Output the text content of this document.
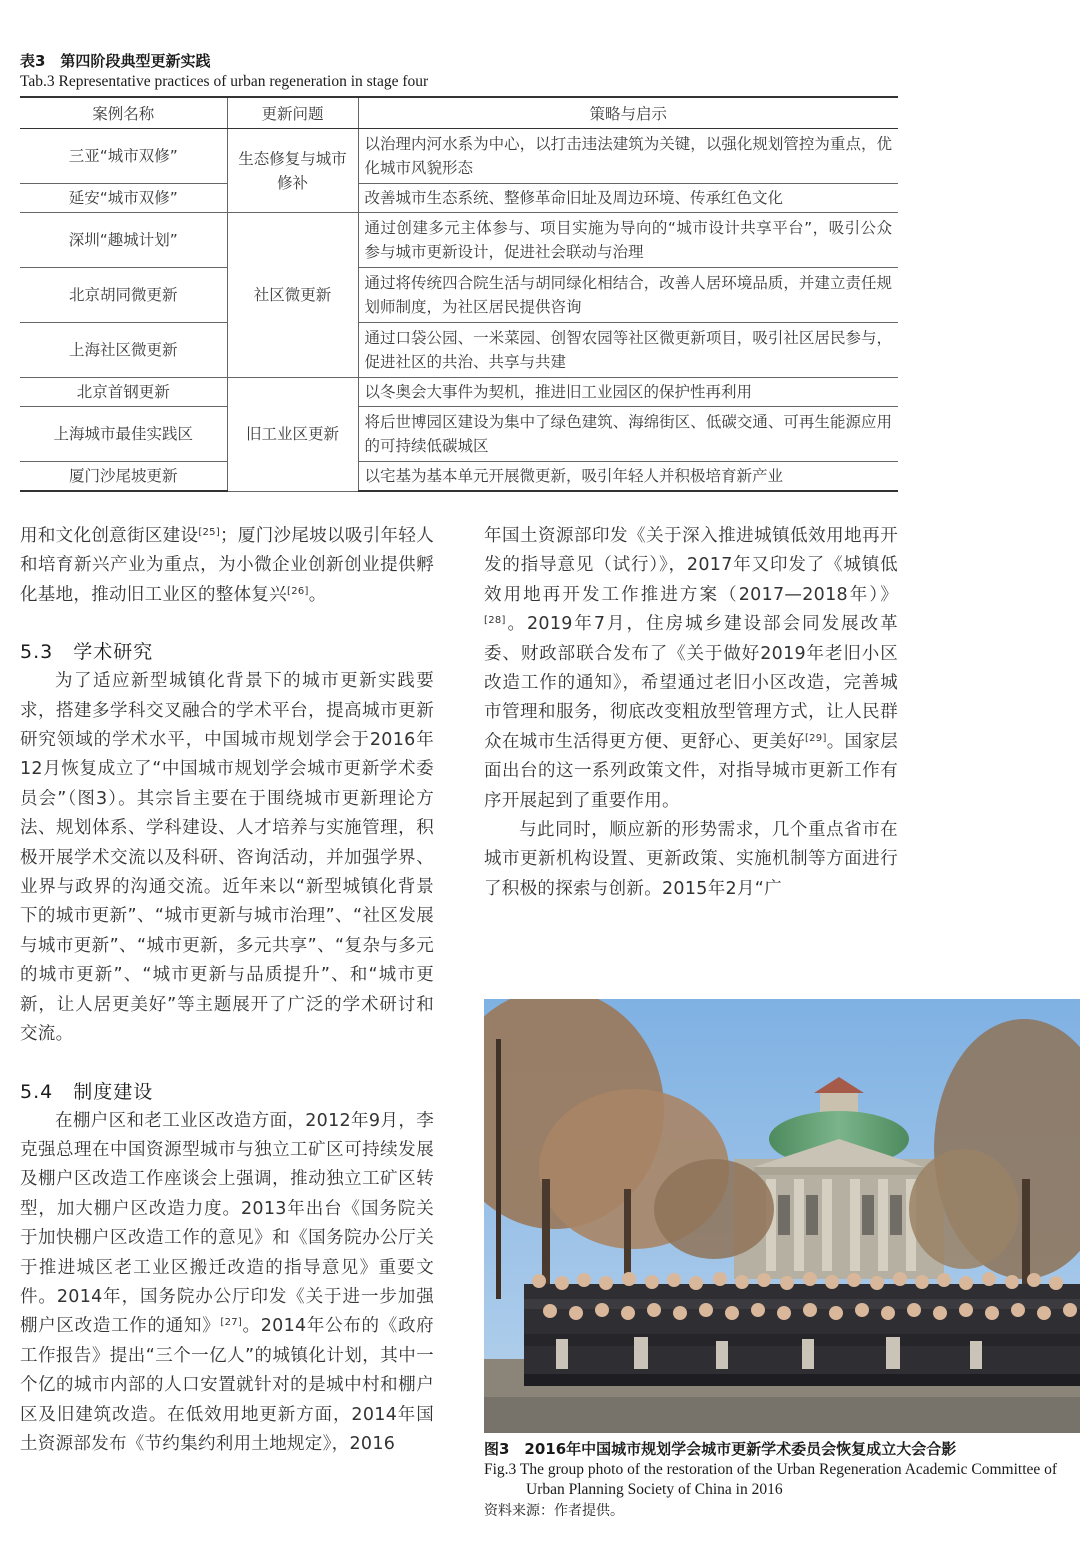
表3　第四阶段典型更新实践
Tab.3 Representative practices of urban regeneration in stage four
案例名称	更新问题	策略与启示
三亚“城市双修”	生态修复与城市修补	以治理内河水系为中心，以打击违法建筑为关键，以强化规划管控为重点，优化城市风貌形态
延安“城市双修”		改善城市生态系统、整修革命旧址及周边环境、传承红色文化
深圳“趣城计划”	社区微更新	通过创建多元主体参与、项目实施为导向的“城市设计共享平台”，吸引公众参与城市更新设计，促进社会联动与治理
北京胡同微更新		通过将传统四合院生活与胡同绿化相结合，改善人居环境品质，并建立责任规划师制度，为社区居民提供咨询
上海社区微更新		通过口袋公园、一米菜园、创智农园等社区微更新项目，吸引社区居民参与，促进社区的共治、共享与共建
北京首钢更新	旧工业区更新	以冬奥会大事件为契机，推进旧工业园区的保护性再利用
上海城市最佳实践区		将后世博园区建设为集中了绿色建筑、海绵街区、低碳交通、可再生能源应用的可持续低碳城区
厦门沙尾坡更新		以宅基为基本单元开展微更新，吸引年轻人并积极培育新产业

用和文化创意街区建设[25]；厦门沙尾坡以吸引年轻人和培育新兴产业为重点，为小微企业创新创业提供孵化基地，推动旧工业区的整体复兴[26]。

5.3　学术研究

为了适应新型城镇化背景下的城市更新实践要求，搭建多学科交叉融合的学术平台，提高城市更新研究领域的学术水平，中国城市规划学会于2016年12月恢复成立了“中国城市规划学会城市更新学术委员会”（图3）。其宗旨主要在于围绕城市更新理论方法、规划体系、学科建设、人才培养与实施管理，积极开展学术交流以及科研、咨询活动，并加强学界、业界与政界的沟通交流。近年来以“新型城镇化背景下的城市更新”、“城市更新与城市治理”、“社区发展与城市更新”、“城市更新，多元共享”、“复杂与多元的城市更新”、“城市更新与品质提升”、和“城市更新，让人居更美好”等主题展开了广泛的学术研讨和交流。

5.4　制度建设

在棚户区和老工业区改造方面，2012年9月，李克强总理在中国资源型城市与独立工矿区可持续发展及棚户区改造工作座谈会上强调，推动独立工矿区转型，加大棚户区改造力度。2013年出台《国务院关于加快棚户区改造工作的意见》和《国务院办公厅关于推进城区老工业区搬迁改造的指导意见》重要文件。2014年，国务院办公厅印发《关于进一步加强棚户区改造工作的通知》[27]。2014年公布的《政府工作报告》提出“三个一亿人”的城镇化计划，其中一个亿的城市内部的人口安置就针对的是城中村和棚户区及旧建筑改造。在低效用地更新方面，2014年国土资源部发布《节约集约利用土地规定》，2016

年国土资源部印发《关于深入推进城镇低效用地再开发的指导意见（试行）》，2017年又印发了《城镇低效用地再开发工作推进方案（2017—2018年）》[28]。2019年7月，住房城乡建设部会同发展改革委、财政部联合发布了《关于做好2019年老旧小区改造工作的通知》，希望通过老旧小区改造，完善城市管理和服务，彻底改变粗放型管理方式，让人民群众在城市生活得更方便、更舒心、更美好[29]。国家层面出台的这一系列政策文件，对指导城市更新工作有序开展起到了重要作用。

与此同时，顺应新的形势需求，几个重点省市在城市更新机构设置、更新政策、实施机制等方面进行了积极的探索与创新。2015年2月“广

图3　2016年中国城市规划学会城市更新学术委员会恢复成立大会合影
Fig.3 The group photo of the restoration of the Urban Regeneration Academic Committee of
Urban Planning Society of China in 2016
资料来源：作者提供。
